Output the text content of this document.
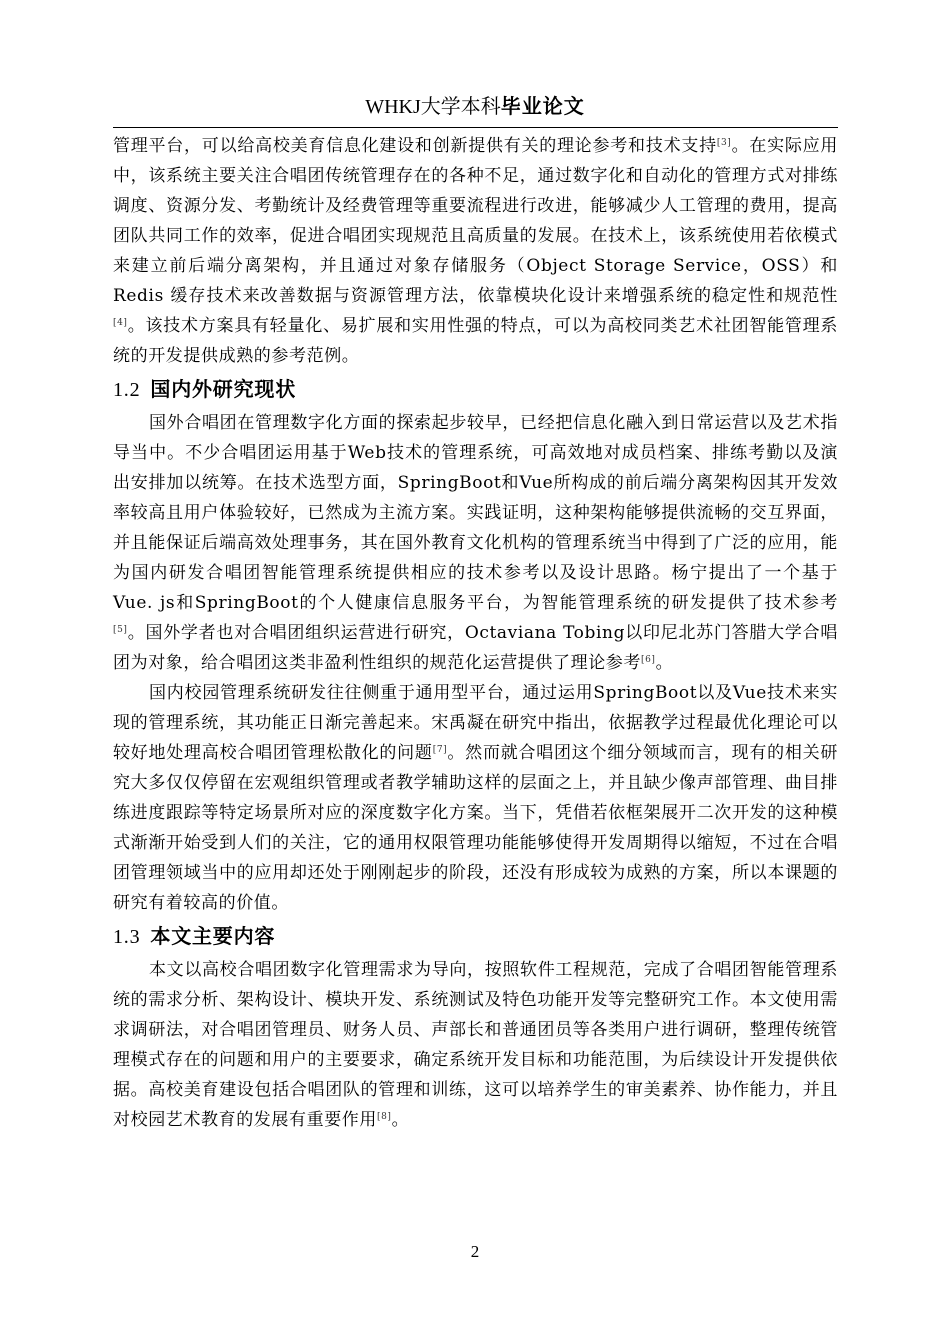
WHKJ大学本科毕业论文

管理平台，可以给高校美育信息化建设和创新提供有关的理论参考和技术支持[3]。在实际应用中，该系统主要关注合唱团传统管理存在的各种不足，通过数字化和自动化的管理方式对排练调度、资源分发、考勤统计及经费管理等重要流程进行改进，能够减少人工管理的费用，提高团队共同工作的效率，促进合唱团实现规范且高质量的发展。在技术上，该系统使用若依模式来建立前后端分离架构，并且通过对象存储服务（Object Storage Service，OSS）和 Redis 缓存技术来改善数据与资源管理方法，依靠模块化设计来增强系统的稳定性和规范性[4]。该技术方案具有轻量化、易扩展和实用性强的特点，可以为高校同类艺术社团智能管理系统的开发提供成熟的参考范例。

1.2 国内外研究现状

国外合唱团在管理数字化方面的探索起步较早，已经把信息化融入到日常运营以及艺术指导当中。不少合唱团运用基于Web技术的管理系统，可高效地对成员档案、排练考勤以及演出安排加以统筹。在技术选型方面，SpringBoot和Vue所构成的前后端分离架构因其开发效率较高且用户体验较好，已然成为主流方案。实践证明，这种架构能够提供流畅的交互界面，并且能保证后端高效处理事务，其在国外教育文化机构的管理系统当中得到了广泛的应用，能为国内研发合唱团智能管理系统提供相应的技术参考以及设计思路。杨宁提出了一个基于Vue. js和SpringBoot的个人健康信息服务平台，为智能管理系统的研发提供了技术参考[5]。国外学者也对合唱团组织运营进行研究，Octaviana Tobing以印尼北苏门答腊大学合唱团为对象，给合唱团这类非盈利性组织的规范化运营提供了理论参考[6]。

国内校园管理系统研发往往侧重于通用型平台，通过运用SpringBoot以及Vue技术来实现的管理系统，其功能正日渐完善起来。宋禹凝在研究中指出，依据教学过程最优化理论可以较好地处理高校合唱团管理松散化的问题[7]。然而就合唱团这个细分领域而言，现有的相关研究大多仅仅停留在宏观组织管理或者教学辅助这样的层面之上，并且缺少像声部管理、曲目排练进度跟踪等特定场景所对应的深度数字化方案。当下，凭借若依框架展开二次开发的这种模式渐渐开始受到人们的关注，它的通用权限管理功能能够使得开发周期得以缩短，不过在合唱团管理领域当中的应用却还处于刚刚起步的阶段，还没有形成较为成熟的方案，所以本课题的研究有着较高的价值。

1.3 本文主要内容

本文以高校合唱团数字化管理需求为导向，按照软件工程规范，完成了合唱团智能管理系统的需求分析、架构设计、模块开发、系统测试及特色功能开发等完整研究工作。本文使用需求调研法，对合唱团管理员、财务人员、声部长和普通团员等各类用户进行调研，整理传统管理模式存在的问题和用户的主要要求，确定系统开发目标和功能范围，为后续设计开发提供依据。高校美育建设包括合唱团队的管理和训练，这可以培养学生的审美素养、协作能力，并且对校园艺术教育的发展有重要作用[8]。

2
